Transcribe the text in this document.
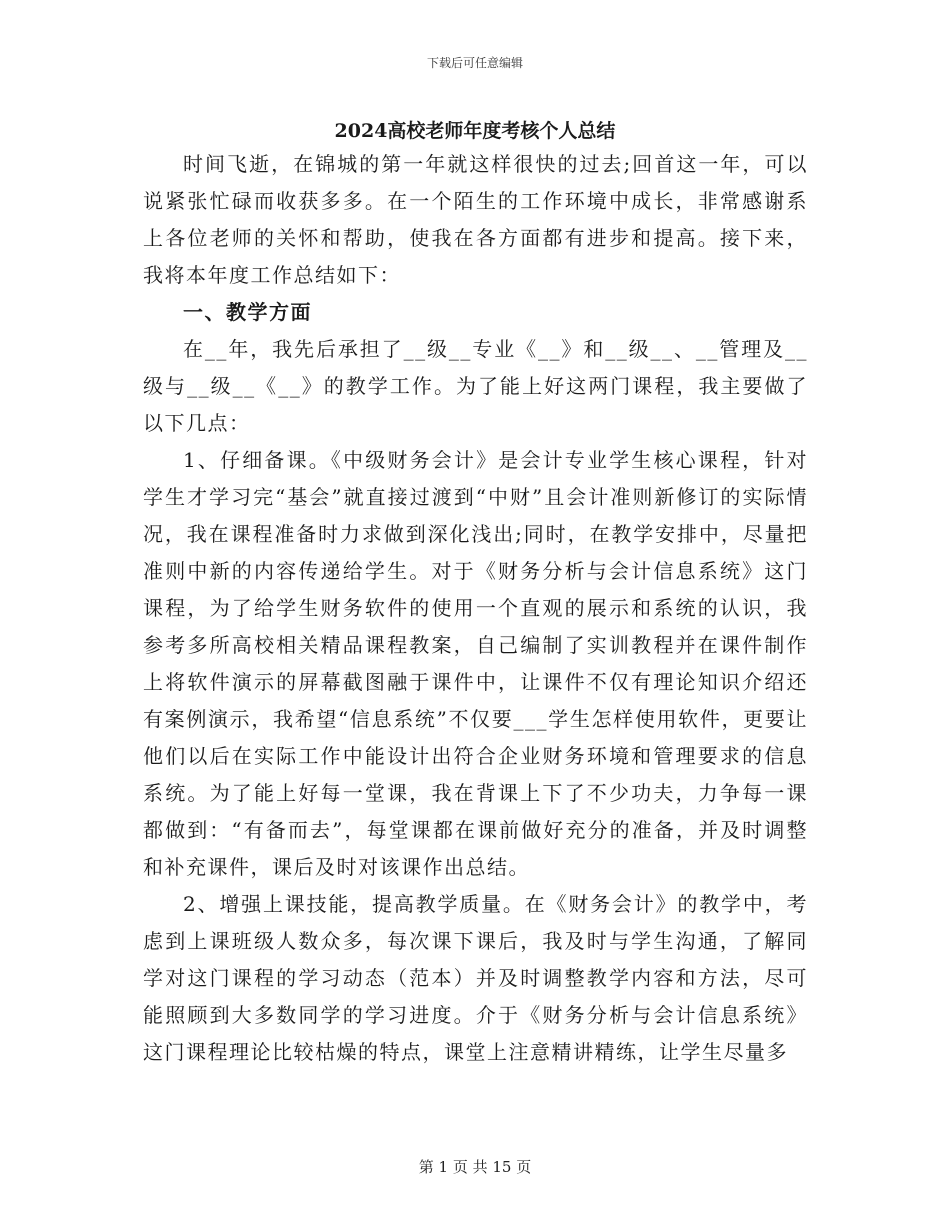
下载后可任意编辑
2024高校老师年度考核个人总结

时间飞逝，在锦城的第一年就这样很快的过去;回首这一年，可以说紧张忙碌而收获多多。在一个陌生的工作环境中成长，非常感谢系上各位老师的关怀和帮助，使我在各方面都有进步和提高。接下来，我将本年度工作总结如下：

一、教学方面

在__年，我先后承担了__级__专业《__》和__级__、__管理及__级与__级__《__》的教学工作。为了能上好这两门课程，我主要做了以下几点：

1、仔细备课。《中级财务会计》是会计专业学生核心课程，针对学生才学习完“基会”就直接过渡到“中财”且会计准则新修订的实际情况，我在课程准备时力求做到深化浅出;同时，在教学安排中，尽量把准则中新的内容传递给学生。对于《财务分析与会计信息系统》这门课程，为了给学生财务软件的使用一个直观的展示和系统的认识，我参考多所高校相关精品课程教案，自己编制了实训教程并在课件制作上将软件演示的屏幕截图融于课件中，让课件不仅有理论知识介绍还有案例演示，我希望“信息系统”不仅要___学生怎样使用软件，更要让他们以后在实际工作中能设计出符合企业财务环境和管理要求的信息系统。为了能上好每一堂课，我在背课上下了不少功夫，力争每一课都做到：“有备而去”，每堂课都在课前做好充分的准备，并及时调整和补充课件，课后及时对该课作出总结。

2、增强上课技能，提高教学质量。在《财务会计》的教学中，考虑到上课班级人数众多，每次课下课后，我及时与学生沟通，了解同学对这门课程的学习动态（范本）并及时调整教学内容和方法，尽可能照顾到大多数同学的学习进度。介于《财务分析与会计信息系统》这门课程理论比较枯燥的特点，课堂上注意精讲精练，让学生尽量多

第 1 页 共 15 页
